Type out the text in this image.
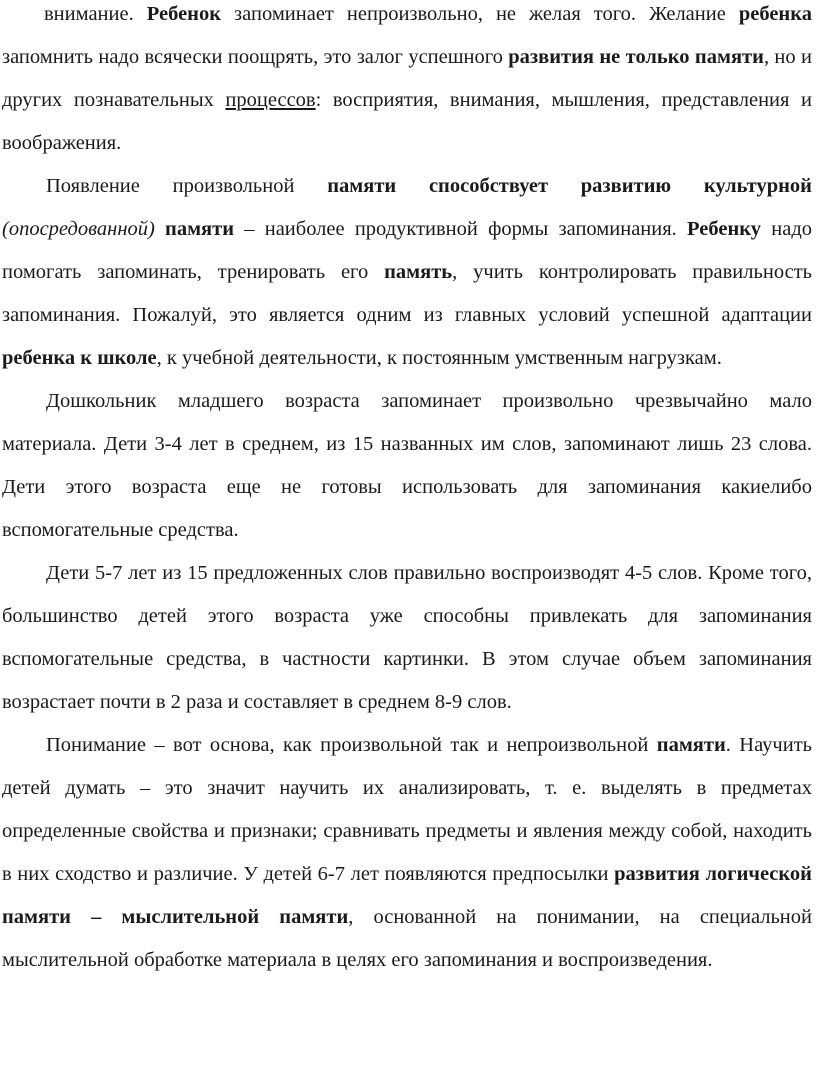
внимание. Ребенок запоминает непроизвольно, не желая того. Желание ребенка запомнить надо всячески поощрять, это залог успешного развития не только памяти, но и других познавательных процессов: восприятия, внимания, мышления, представления и воображения.

Появление произвольной памяти способствует развитию культурной (опосредованной) памяти – наиболее продуктивной формы запоминания. Ребенку надо помогать запоминать, тренировать его память, учить контролировать правильность запоминания. Пожалуй, это является одним из главных условий успешной адаптации ребенка к школе, к учебной деятельности, к постоянным умственным нагрузкам.

Дошкольник младшего возраста запоминает произвольно чрезвычайно мало материала. Дети 3-4 лет в среднем, из 15 названных им слов, запоминают лишь 23 слова. Дети этого возраста еще не готовы использовать для запоминания какиелибо вспомогательные средства.

Дети 5-7 лет из 15 предложенных слов правильно воспроизводят 4-5 слов. Кроме того, большинство детей этого возраста уже способны привлекать для запоминания вспомогательные средства, в частности картинки. В этом случае объем запоминания возрастает почти в 2 раза и составляет в среднем 8-9 слов.

Понимание – вот основа, как произвольной так и непроизвольной памяти. Научить детей думать – это значит научить их анализировать, т. е. выделять в предметах определенные свойства и признаки; сравнивать предметы и явления между собой, находить в них сходство и различие. У детей 6-7 лет появляются предпосылки развития логической памяти – мыслительной памяти, основанной на понимании, на специальной мыслительной обработке материала в целях его запоминания и воспроизведения.
